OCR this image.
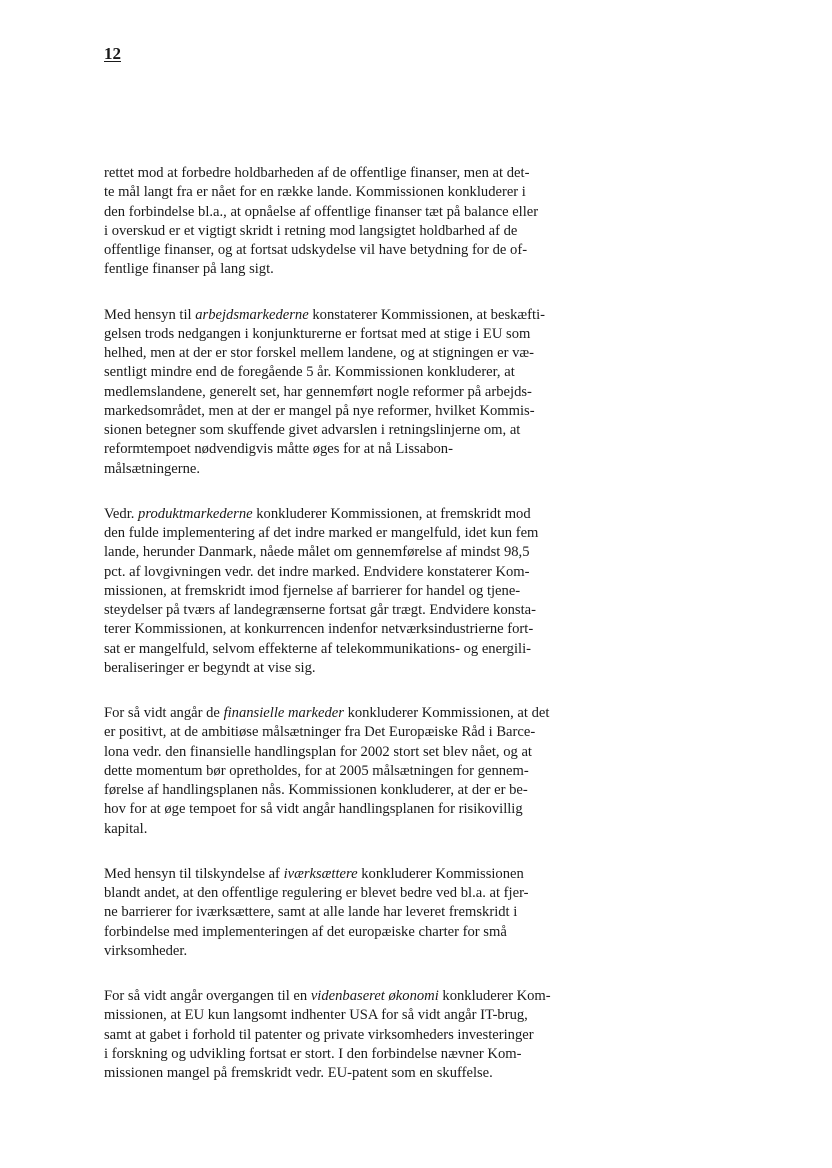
12

rettet mod at forbedre holdbarheden af de offentlige finanser, men at det-
te mål langt fra er nået for en række lande. Kommissionen konkluderer i
den forbindelse bl.a., at opnåelse af offentlige finanser tæt på balance eller
i overskud er et vigtigt skridt i retning mod langsigtet holdbarhed af de
offentlige finanser, og at fortsat udskydelse vil have betydning for de of-
fentlige finanser på lang sigt.

Med hensyn til arbejdsmarkederne konstaterer Kommissionen, at beskæfti-
gelsen trods nedgangen i konjunkturerne er fortsat med at stige i EU som
helhed, men at der er stor forskel mellem landene, og at stigningen er væ-
sentligt mindre end de foregående 5 år. Kommissionen konkluderer, at
medlemslandene, generelt set, har gennemført nogle reformer på arbejds-
markedsområdet, men at der er mangel på nye reformer, hvilket Kommis-
sionen betegner som skuffende givet advarslen i retningslinjerne om, at
reformtempoet nødvendigvis måtte øges for at nå Lissabon-
målsætningerne.

Vedr. produktmarkederne konkluderer Kommissionen, at fremskridt mod
den fulde implementering af det indre marked er mangelfuld, idet kun fem
lande, herunder Danmark, nåede målet om gennemførelse af mindst 98,5
pct. af lovgivningen vedr. det indre marked. Endvidere konstaterer Kom-
missionen, at fremskridt imod fjernelse af barrierer for handel og tjene-
steydelser på tværs af landegrænserne fortsat går trægt. Endvidere konsta-
terer Kommissionen, at konkurrencen indenfor netværksindustrierne fort-
sat er mangelfuld, selvom effekterne af telekommunikations- og energili-
beraliseringer er begyndt at vise sig.

For så vidt angår de finansielle markeder konkluderer Kommissionen, at det
er positivt, at de ambitiøse målsætninger fra Det Europæiske Råd i Barce-
lona vedr. den finansielle handlingsplan for 2002 stort set blev nået, og at
dette momentum bør opretholdes, for at 2005 målsætningen for gennem-
førelse af handlingsplanen nås. Kommissionen konkluderer, at der er be-
hov for at øge tempoet for så vidt angår handlingsplanen for risikovillig
kapital.

Med hensyn til tilskyndelse af iværksættere konkluderer Kommissionen
blandt andet, at den offentlige regulering er blevet bedre ved bl.a. at fjer-
ne barrierer for iværksættere, samt at alle lande har leveret fremskridt i
forbindelse med implementeringen af det europæiske charter for små
virksomheder.

For så vidt angår overgangen til en videnbaseret økonomi konkluderer Kom-
missionen, at EU kun langsomt indhenter USA for så vidt angår IT-brug,
samt at gabet i forhold til patenter og private virksomheders investeringer
i forskning og udvikling fortsat er stort. I den forbindelse nævner Kom-
missionen mangel på fremskridt vedr. EU-patent som en skuffelse.
